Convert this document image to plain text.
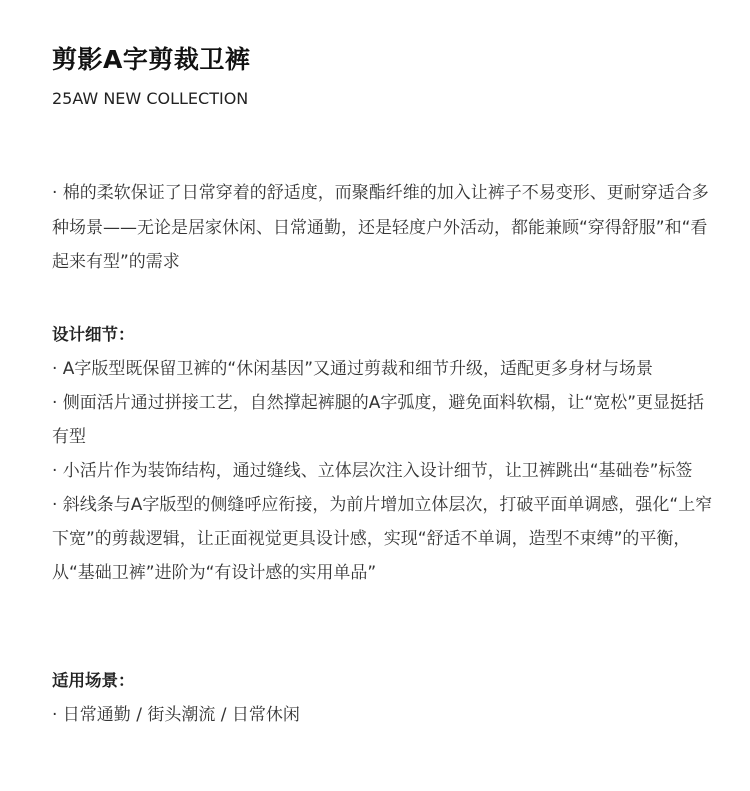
剪影A字剪裁卫裤
25AW NEW COLLECTION

· 棉的柔软保证了日常穿着的舒适度，而聚酯纤维的加入让裤子不易变形、更耐穿适合多种场景——无论是居家休闲、日常通勤，还是轻度户外活动，都能兼顾“穿得舒服”和“看起来有型”的需求

设计细节：

· A字版型既保留卫裤的“休闲基因”又通过剪裁和细节升级，适配更多身材与场景

· 侧面活片通过拼接工艺，自然撑起裤腿的A字弧度，避免面料软榻，让“宽松”更显挺括有型

· 小活片作为装饰结构，通过缝线、立体层次注入设计细节，让卫裤跳出“基础卷”标签

· 斜线条与A字版型的侧缝呼应衔接，为前片增加立体层次，打破平面单调感，强化“上窄下宽”的剪裁逻辑，让正面视觉更具设计感，实现“舒适不单调，造型不束缚”的平衡，从“基础卫裤”进阶为“有设计感的实用单品”

适用场景：

· 日常通勤 / 街头潮流 / 日常休闲
